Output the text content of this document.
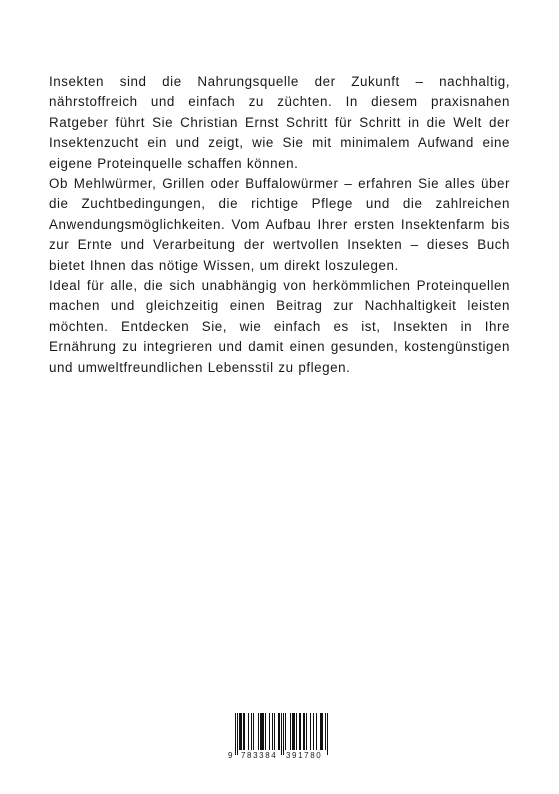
Insekten sind die Nahrungsquelle der Zukunft – nachhaltig, nährstoffreich und einfach zu züchten. In diesem praxisnahen Ratgeber führt Sie Christian Ernst Schritt für Schritt in die Welt der Insektenzucht ein und zeigt, wie Sie mit minimalem Aufwand eine eigene Proteinquelle schaffen können.

Ob Mehlwürmer, Grillen oder Buffalowürmer – erfahren Sie alles über die Zuchtbedingungen, die richtige Pflege und die zahlreichen Anwendungsmöglichkeiten. Vom Aufbau Ihrer ersten Insektenfarm bis zur Ernte und Verarbeitung der wertvollen Insekten – dieses Buch bietet Ihnen das nötige Wissen, um direkt loszulegen.

Ideal für alle, die sich unabhängig von herkömmlichen Proteinquellen machen und gleichzeitig einen Beitrag zur Nachhaltigkeit leisten möchten. Entdecken Sie, wie einfach es ist, Insekten in Ihre Ernährung zu integrieren und damit einen gesunden, kostengünstigen und umweltfreundlichen Lebensstil zu pflegen.

9 783384 391780
